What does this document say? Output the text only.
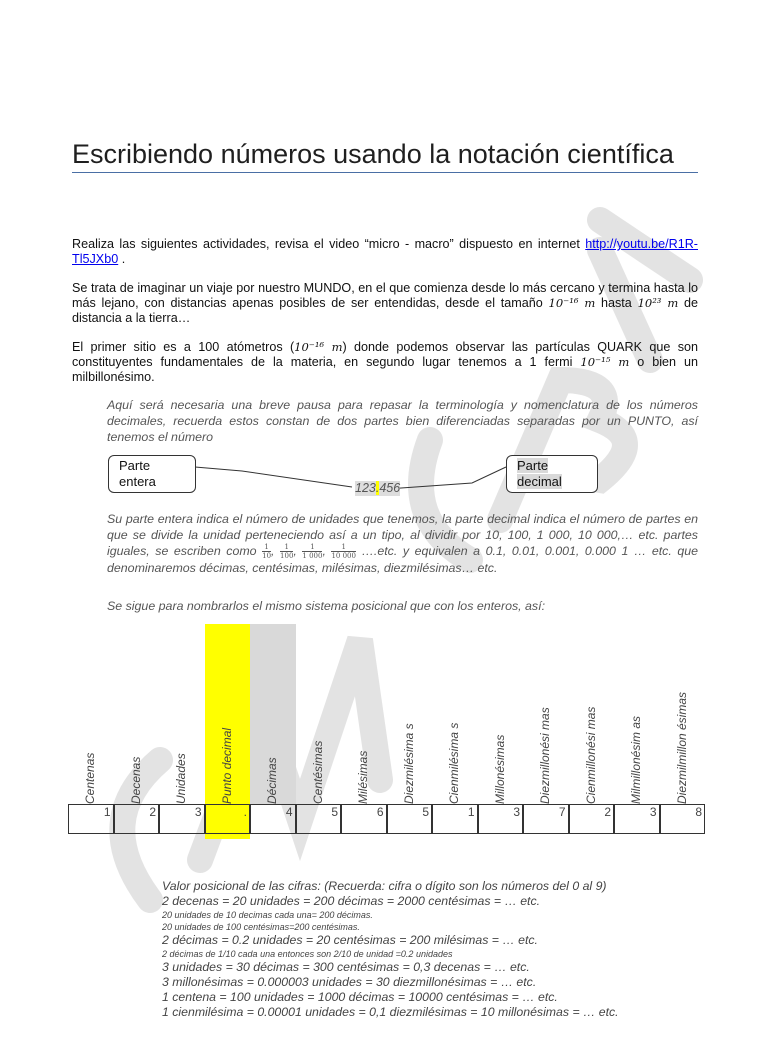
Escribiendo números usando la notación científica
Realiza las siguientes actividades, revisa el video “micro - macro” dispuesto en internet http://youtu.be/R1R-Tl5JXb0 .
Se trata de imaginar un viaje por nuestro MUNDO, en el que comienza desde lo más cercano y termina hasta lo más lejano, con distancias apenas posibles de ser entendidas, desde el tamaño 10⁻¹⁶ m hasta 10²³ m de distancia a la tierra…
El primer sitio es a 100 atómetros (10⁻¹⁶ m) donde podemos observar las partículas QUARK que son constituyentes fundamentales de la materia, en segundo lugar tenemos a 1 fermi 10⁻¹⁵ m o bien un milbillonésimo.
Aquí será necesaria una breve pausa para repasar la terminología y nomenclatura de los números decimales, recuerda estos constan de dos partes bien diferenciadas separadas por un PUNTO, así tenemos el número
Parte entera
Parte decimal
123.456
Su parte entera indica el número de unidades que tenemos, la parte decimal indica el número de partes en que se divide la unidad perteneciendo así a un tipo, al dividir por 10, 100, 1 000, 10 000,… etc. partes iguales, se escriben como $\frac{1}{10}$ , $\frac{1}{100}$ , $\frac{1}{1 000}$ , $\frac{1}{10 000}$ ….etc. y equivalen a 0.1, 0.01, 0.001, 0.000 1 … etc. que denominaremos décimas, centésimas, milésimas, diezmilésimas… etc.
Se sigue para nombrarlos el mismo sistema posicional que con los enteros, así:
Centenas
1
Decenas
2
Unidades
3
Punto decimal
.
Décimas
4
Centésimas
5
Milésimas
6
Diezmilésima s
5
Cienmilésima s
1
Millonésimas
3
Diezmillonési mas
7
Cienmillonési mas
2
Milmillonésim as
3
Diezmilmillon ésimas
8
Valor posicional de las cifras: (Recuerda: cifra o dígito son los números del 0 al 9)
2 decenas = 20 unidades = 200 décimas = 2000 centésimas = … etc.
20 unidades de 10 decimas cada una= 200 décimas.
20 unidades de 100 centésimas=200 centésimas.
2 décimas = 0.2 unidades = 20 centésimas = 200 milésimas = … etc.
2 décimas de 1/10 cada una entonces son 2/10 de unidad =0.2 unidades
3 unidades = 30 décimas = 300 centésimas = 0,3 decenas = … etc.
3 millonésimas = 0.000003 unidades = 30 diezmillonésimas = … etc.
1 centena = 100 unidades = 1000 décimas = 10000 centésimas = … etc.
1 cienmilésima = 0.00001 unidades = 0,1 diezmilésimas = 10 millonésimas = … etc.
